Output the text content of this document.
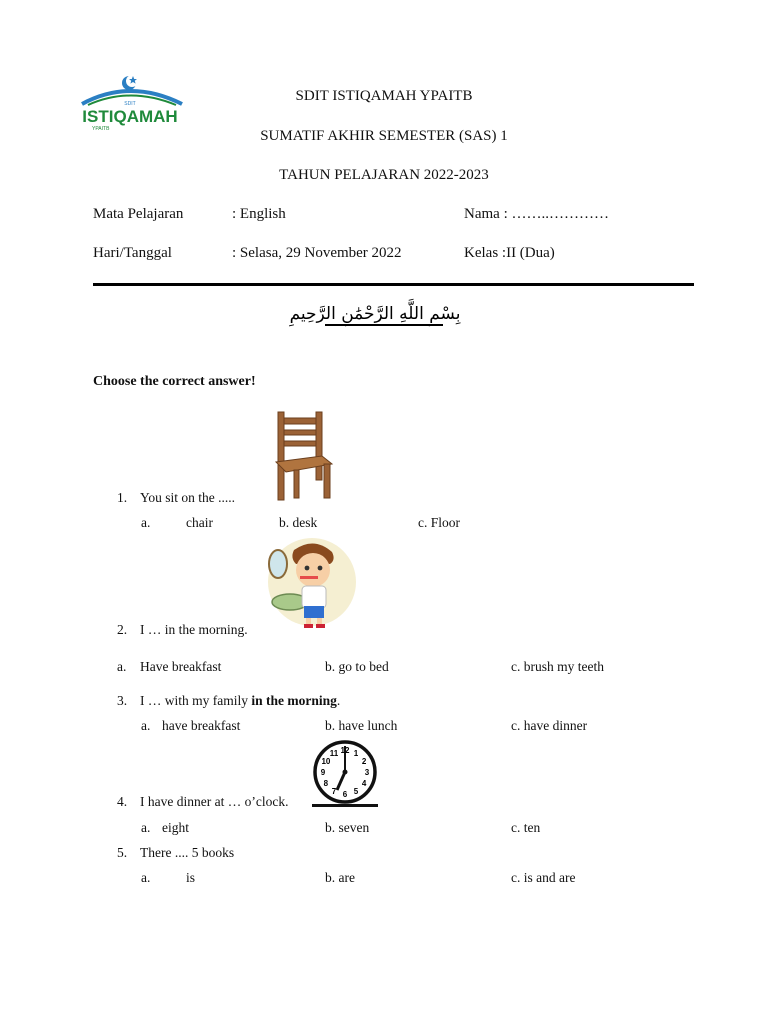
SDIT
ISTIQAMAH
YPAITB
SDIT ISTIQAMAH YPAITB
SUMATIF AKHIR SEMESTER (SAS) 1
TAHUN PELAJARAN 2022-2023
Mata Pelajaran	: English	Nama : ……..…………
Hari/Tanggal	: Selasa, 29 November 2022	Kelas :II (Dua)
بِسْمِ اللَّهِ الرَّحْمَٰنِ الرَّحِيمِ
Choose the correct answer!
1. You sit on the .....
a.	chair	b. desk	c. Floor
2. I … in the morning.
a. Have breakfast	b. go to bed	c. brush my teeth
3. I … with my family in the morning.
a. have breakfast	b. have lunch	c. have dinner
12 1
2
3
4
5
6
7
8
9
10
11
4. I have dinner at … o’clock.
a. eight	b. seven	c. ten
5. There .... 5 books
a.	is	b. are	c. is and are
